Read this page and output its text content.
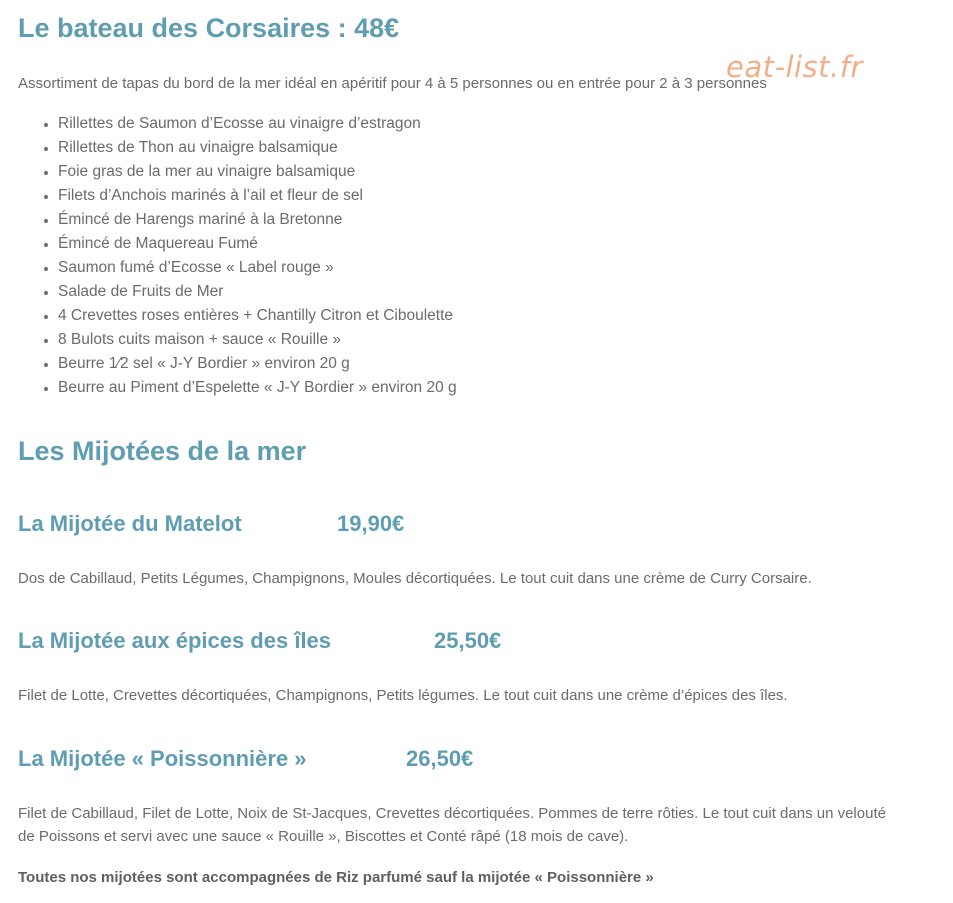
Le bateau des Corsaires : 48€
eat-list.fr

Assortiment de tapas du bord de la mer idéal en apéritif pour 4 à 5 personnes ou en entrée pour 2 à 3 personnes

• Rillettes de Saumon d’Ecosse au vinaigre d’estragon
• Rillettes de Thon au vinaigre balsamique
• Foie gras de la mer au vinaigre balsamique
• Filets d’Anchois marinés à l’ail et fleur de sel
• Émincé de Harengs mariné à la Bretonne
• Émincé de Maquereau Fumé
• Saumon fumé d’Ecosse « Label rouge »
• Salade de Fruits de Mer
• 4 Crevettes roses entières + Chantilly Citron et Ciboulette
• 8 Bulots cuits maison + sauce « Rouille »
• Beurre 1⁄2 sel « J-Y Bordier » environ 20 g
• Beurre au Piment d’Espelette « J-Y Bordier » environ 20 g
Les Mijotées de la mer
La Mijotée du Matelot	19,90€

Dos de Cabillaud, Petits Légumes, Champignons, Moules décortiquées. Le tout cuit dans une crème de Curry Corsaire.

La Mijotée aux épices des îles	25,50€

Filet de Lotte, Crevettes décortiquées, Champignons, Petits légumes. Le tout cuit dans une crème d’épices des îles.

La Mijotée « Poissonnière »	26,50€

Filet de Cabillaud, Filet de Lotte, Noix de St-Jacques, Crevettes décortiquées. Pommes de terre rôties. Le tout cuit dans un velouté

de Poissons et servi avec une sauce « Rouille », Biscottes et Conté râpé (18 mois de cave).

Toutes nos mijotées sont accompagnées de Riz parfumé sauf la mijotée « Poissonnière »
